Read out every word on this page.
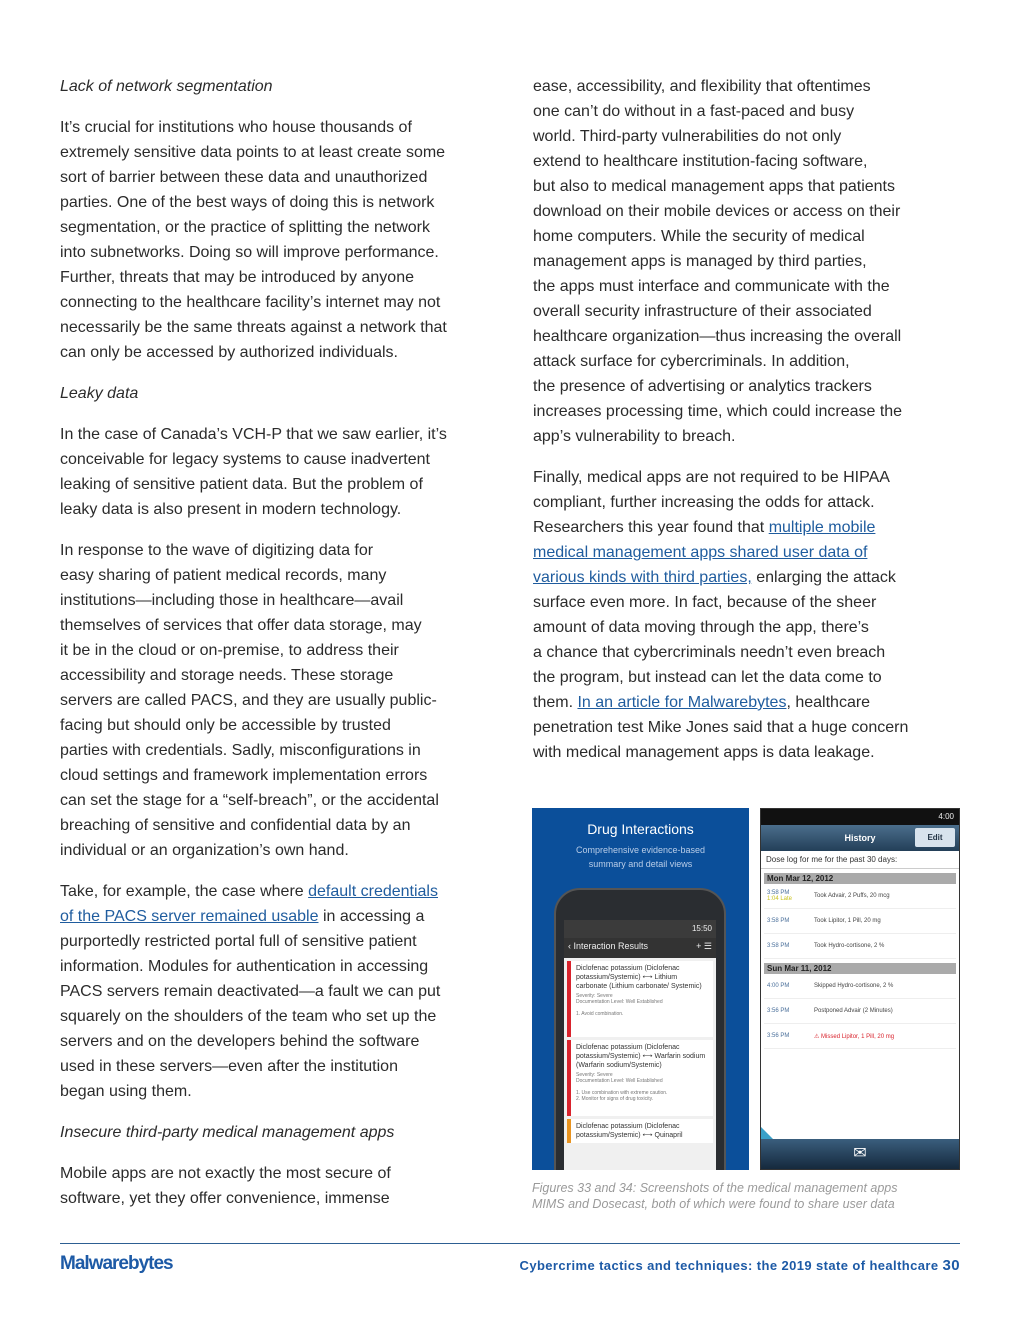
Lack of network segmentation
It’s crucial for institutions who house thousands of
extremely sensitive data points to at least create some
sort of barrier between these data and unauthorized
parties. One of the best ways of doing this is network
segmentation, or the practice of splitting the network
into subnetworks. Doing so will improve performance.
Further, threats that may be introduced by anyone
connecting to the healthcare facility’s internet may not
necessarily be the same threats against a network that
can only be accessed by authorized individuals.
Leaky data
In the case of Canada’s VCH-P that we saw earlier, it’s
conceivable for legacy systems to cause inadvertent
leaking of sensitive patient data. But the problem of
leaky data is also present in modern technology.
In response to the wave of digitizing data for
easy sharing of patient medical records, many
institutions—including those in healthcare—avail
themselves of services that offer data storage, may
it be in the cloud or on-premise, to address their
accessibility and storage needs. These storage
servers are called PACS, and they are usually public-
facing but should only be accessible by trusted
parties with credentials. Sadly, misconfigurations in
cloud settings and framework implementation errors
can set the stage for a “self-breach”, or the accidental
breaching of sensitive and confidential data by an
individual or an organization’s own hand.
Take, for example, the case where default credentials
of the PACS server remained usable in accessing a
purportedly restricted portal full of sensitive patient
information. Modules for authentication in accessing
PACS servers remain deactivated—a fault we can put
squarely on the shoulders of the team who set up the
servers and on the developers behind the software
used in these servers—even after the institution
began using them.
Insecure third-party medical management apps
Mobile apps are not exactly the most secure of
software, yet they offer convenience, immense
ease, accessibility, and flexibility that oftentimes
one can’t do without in a fast-paced and busy
world. Third-party vulnerabilities do not only
extend to healthcare institution-facing software,
but also to medical management apps that patients
download on their mobile devices or access on their
home computers. While the security of medical
management apps is managed by third parties,
the apps must interface and communicate with the
overall security infrastructure of their associated
healthcare organization—thus increasing the overall
attack surface for cybercriminals. In addition,
the presence of advertising or analytics trackers
increases processing time, which could increase the
app’s vulnerability to breach.
Finally, medical apps are not required to be HIPAA
compliant, further increasing the odds for attack.
Researchers this year found that multiple mobile
medical management apps shared user data of
various kinds with third parties, enlarging the attack
surface even more. In fact, because of the sheer
amount of data moving through the app, there’s
a chance that cybercriminals needn’t even breach
the program, but instead can let the data come to
them. In an article for Malwarebytes, healthcare
penetration test Mike Jones said that a huge concern
with medical management apps is data leakage.
Drug Interactions
Comprehensive evidence-based
summary and detail views
15:50
‹ Interaction Results	+ ☰
Diclofenac potassium (Diclofenac potassium/Systemic) ⟷ Lithium carbonate (Lithium carbonate/ Systemic)
Severity: Severe
Documentation Level: Well Established

1. Avoid combination.
Diclofenac potassium (Diclofenac potassium/Systemic) ⟷ Warfarin sodium (Warfarin sodium/Systemic)
Severity: Severe
Documentation Level: Well Established

1. Use combination with extreme caution.
2. Monitor for signs of drug toxicity.
Diclofenac potassium (Diclofenac potassium/Systemic) ⟷ Quinapril
4:00
History	Edit
Dose log for me for the past 30 days:
Mon Mar 12, 2012
3:58 PM
1:04 Late	Took Advair, 2 Puffs, 20 mcg
3:58 PM	Took Lipitor, 1 Pill, 20 mg
3:58 PM	Took Hydro-cortisone, 2 %
Sun Mar 11, 2012
4:00 PM	Skipped Hydro-cortisone, 2 %
3:56 PM	Postponed Advair (2 Minutes)
3:56 PM	⚠ Missed Lipitor, 1 Pill, 20 mg
✉
Figures 33 and 34: Screenshots of the medical management apps
MIMS and Dosecast, both of which were found to share user data
Malwarebytes	Cybercrime tactics and techniques: the 2019 state of healthcare 30
